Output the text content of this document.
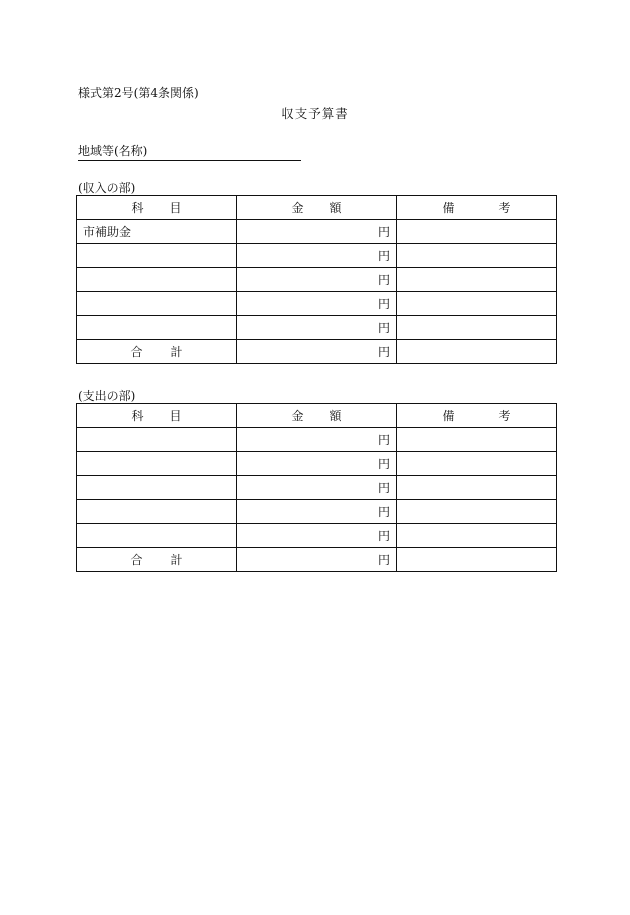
様式第2号(第4条関係)
収支予算書
地域等(名称)
(収入の部)
科 目	金 額	備 考
市補助金	円	
	円	
	円	
	円	
	円	
合 計	円	
(支出の部)
科 目	金 額	備 考
	円	
	円	
	円	
	円	
	円	
合 計	円	
